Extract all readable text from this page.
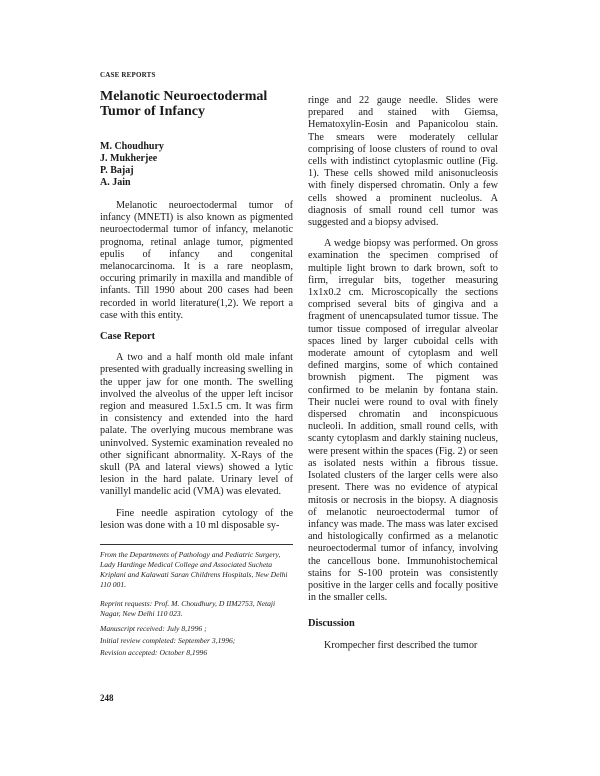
CASE REPORTS
Melanotic Neuroectodermal Tumor of Infancy
M. Choudhury
J. Mukherjee
P. Bajaj
A. Jain

Melanotic neuroectodermal tumor of infancy (MNETI) is also known as pigmented neuroectodermal tumor of infancy, melanotic prognoma, retinal anlage tumor, pigmented epulis of infancy and congenital melanocarcinoma. It is a rare neoplasm, occuring primarily in maxilla and mandible of infants. Till 1990 about 200 cases had been recorded in world literature(1,2). We report a case with this entity.

Case Report

A two and a half month old male infant presented with gradually increasing swelling in the upper jaw for one month. The swelling involved the alveolus of the upper left incisor region and measured 1.5x1.5 cm. It was firm in consistency and extended into the hard palate. The overlying mucous membrane was uninvolved. Systemic examination revealed no other significant abnormality. X-Rays of the skull (PA and lateral views) showed a lytic lesion in the hard palate. Urinary level of vanillyl mandelic acid (VMA) was elevated.

Fine needle aspiration cytology of the lesion was done with a 10 ml disposable sy-

From the Departments of Pathology and Pediatric Surgery, Lady Hardinge Medical College and Associated Sucheta Kriplani and Kalawati Saran Childrens Hospitals, New Delhi 110 001.
Reprint requests: Prof. M. Choudhury, D IIM2753, Netaji Nagar, New Delhi 110 023.
Manuscript received: July 8,1996 ;
Initial review completed: September 3,1996;
Revision accepted: October 8,1996
248

ringe and 22 gauge needle. Slides were prepared and stained with Giemsa, Hematoxylin-Eosin and Papanicolou stain. The smears were moderately cellular comprising of loose clusters of round to oval cells with indistinct cytoplasmic outline (Fig. 1). These cells showed mild anisonucleosis with finely dispersed chromatin. Only a few cells showed a prominent nucleolus. A diagnosis of small round cell tumor was suggested and a biopsy advised.

A wedge biopsy was performed. On gross examination the specimen comprised of multiple light brown to dark brown, soft to firm, irregular bits, together measuring 1x1x0.2 cm. Microscopically the sections comprised several bits of gingiva and a fragment of unencapsulated tumor tissue. The tumor tissue composed of irregular alveolar spaces lined by larger cuboidal cells with moderate amount of cytoplasm and well defined margins, some of which contained brownish pigment. The pigment was confirmed to be melanin by fontana stain. Their nuclei were round to oval with finely dispersed chromatin and inconspicuous nucleoli. In addition, small round cells, with scanty cytoplasm and darkly staining nucleus, were present within the spaces (Fig. 2) or seen as isolated nests within a fibrous tissue. Isolated clusters of the larger cells were also present. There was no evidence of atypical mitosis or necrosis in the biopsy. A diagnosis of melanotic neuroectodermal tumor of infancy was made. The mass was later excised and histologically confirmed as a melanotic neuroectodermal tumor of infancy, involving the cancellous bone. Immunohistochemical stains for S-100 protein was consistently positive in the larger cells and focally positive in the smaller cells.

Discussion

Krompecher first described the tumor
